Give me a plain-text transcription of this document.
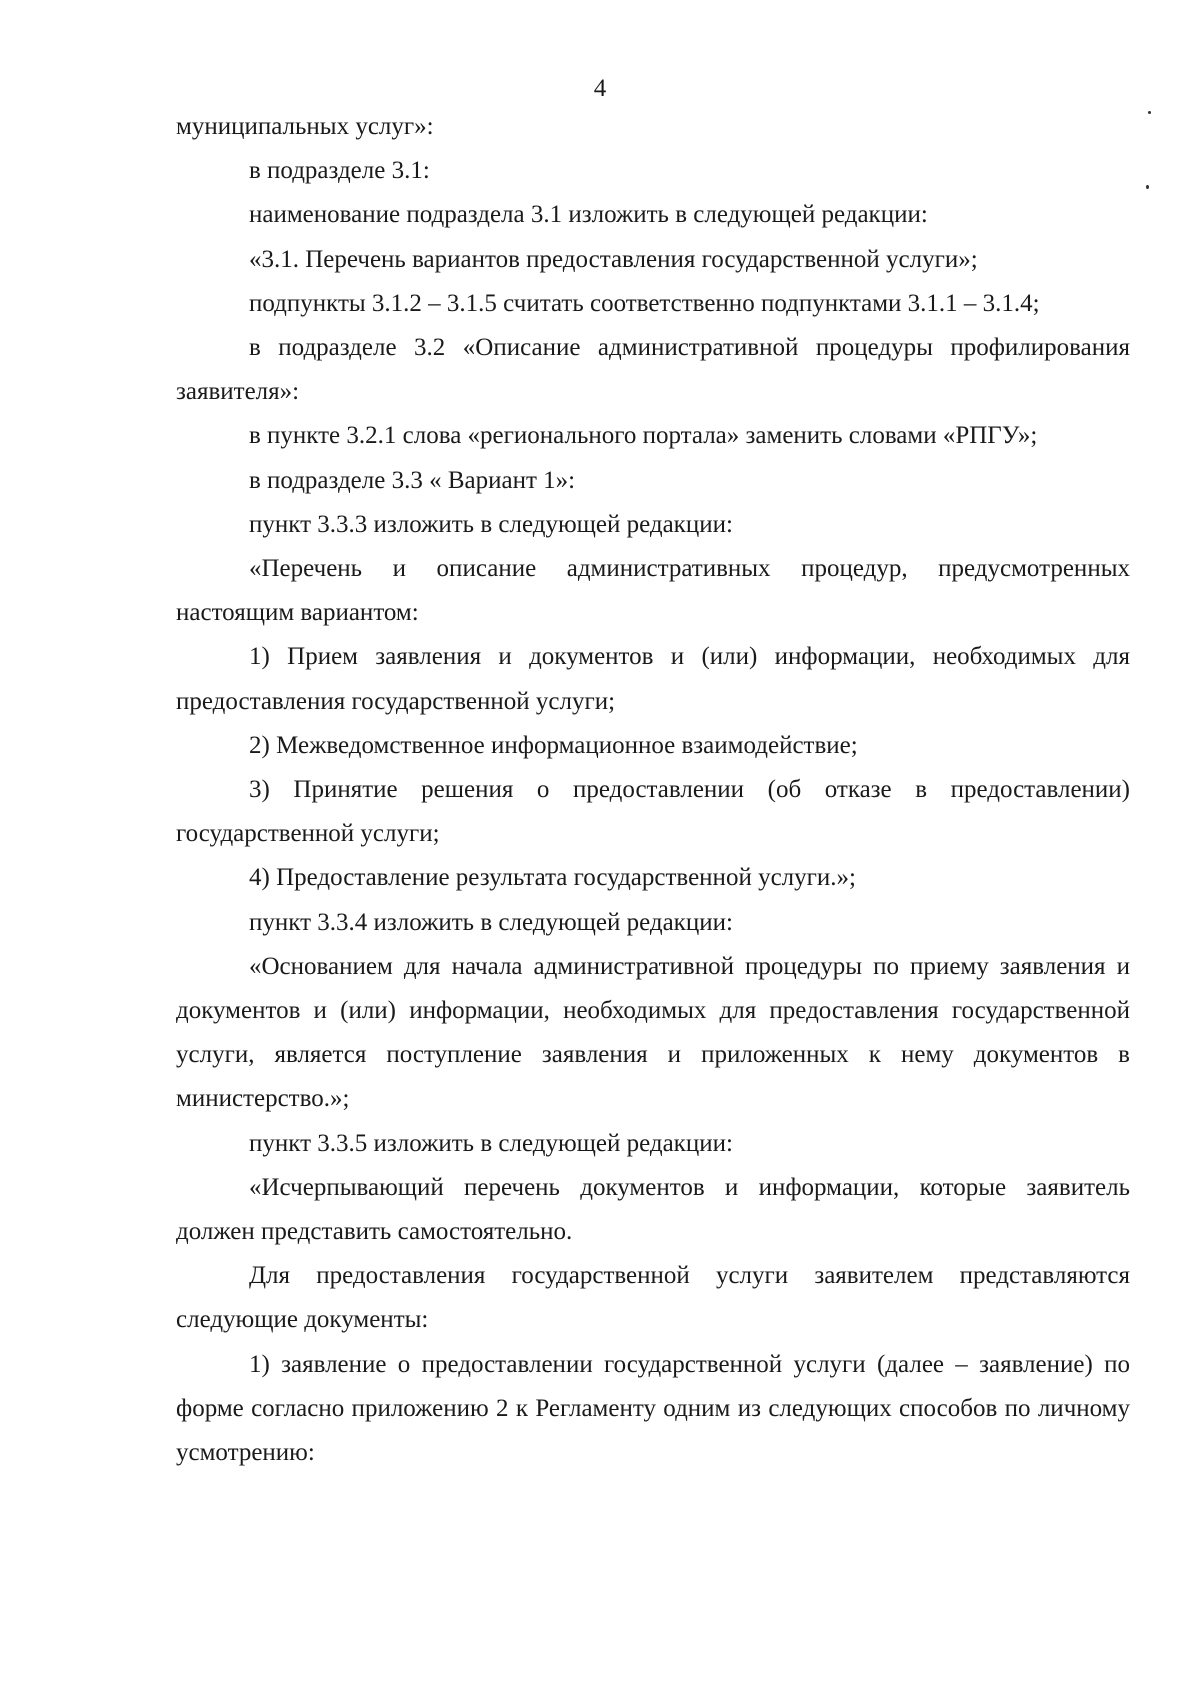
4

муниципальных услуг»:

в подразделе 3.1:

наименование подраздела 3.1 изложить в следующей редакции:

«3.1. Перечень вариантов предоставления государственной услуги»;

подпункты 3.1.2 – 3.1.5 считать соответственно подпунктами 3.1.1 – 3.1.4;

в подразделе 3.2 «Описание административной процедуры профилирования заявителя»:

в пункте 3.2.1 слова «регионального портала» заменить словами «РПГУ»;

в подразделе 3.3 « Вариант 1»:

пункт 3.3.3 изложить в следующей редакции:

«Перечень и описание административных процедур, предусмотренных настоящим вариантом:

1) Прием заявления и документов и (или) информации, необходимых для предоставления государственной услуги;

2) Межведомственное информационное взаимодействие;

3) Принятие решения о предоставлении (об отказе в предоставлении) государственной услуги;

4) Предоставление результата государственной услуги.»;

пункт 3.3.4 изложить в следующей редакции:

«Основанием для начала административной процедуры по приему заявления и документов и (или) информации, необходимых для предоставления государственной услуги, является поступление заявления и приложенных к нему документов в министерство.»;

пункт 3.3.5 изложить в следующей редакции:

«Исчерпывающий перечень документов и информации, которые заявитель должен представить самостоятельно.

Для предоставления государственной услуги заявителем представляются следующие документы:

1) заявление о предоставлении государственной услуги (далее – заявление) по форме согласно приложению 2 к Регламенту одним из следующих способов по личному усмотрению:
